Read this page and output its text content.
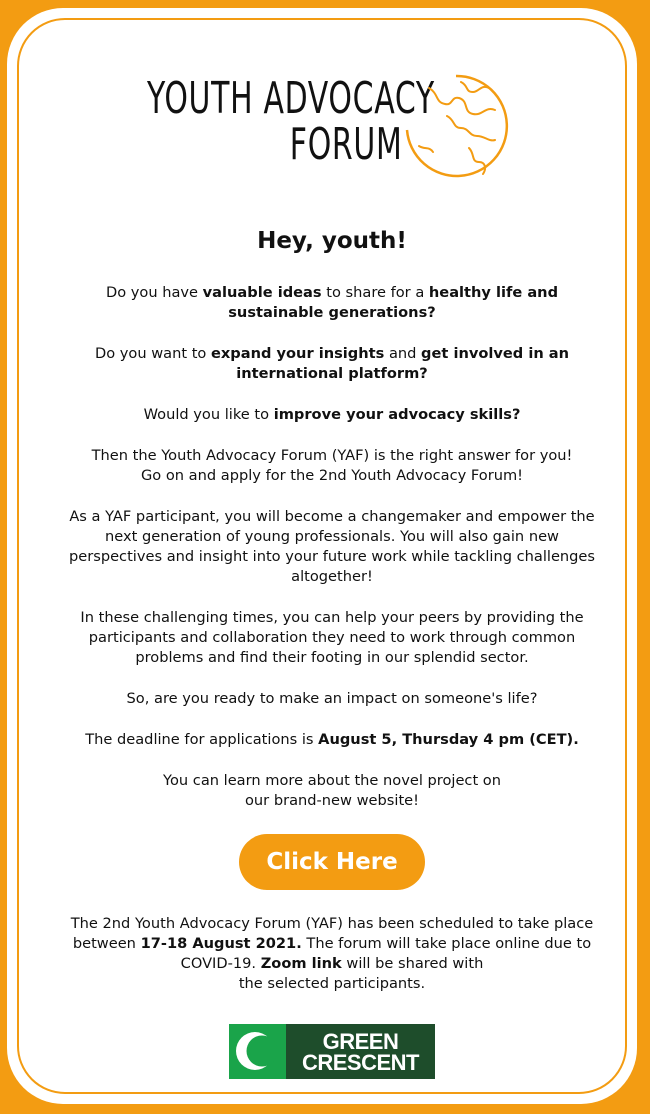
YOUTH ADVOCACY
FORUM
Hey, youth!

Do you have valuable ideas to share for a healthy life and sustainable generations?

Do you want to expand your insights and get involved in an international platform?

Would you like to improve your advocacy skills?

Then the Youth Advocacy Forum (YAF) is the right answer for you!
Go on and apply for the 2nd Youth Advocacy Forum!

As a YAF participant, you will become a changemaker and empower the next generation of young professionals. You will also gain new perspectives and insight into your future work while tackling challenges altogether!

In these challenging times, you can help your peers by providing the participants and collaboration they need to work through common problems and find their footing in our splendid sector.

So, are you ready to make an impact on someone's life?

The deadline for applications is August 5, Thursday 4 pm (CET).

You can learn more about the novel project on
our brand-new website!

Click Here

The 2nd Youth Advocacy Forum (YAF) has been scheduled to take place between 17-18 August 2021. The forum will take place online due to COVID-19. Zoom link will be shared with
the selected participants.

GREEN
CRESCENT
